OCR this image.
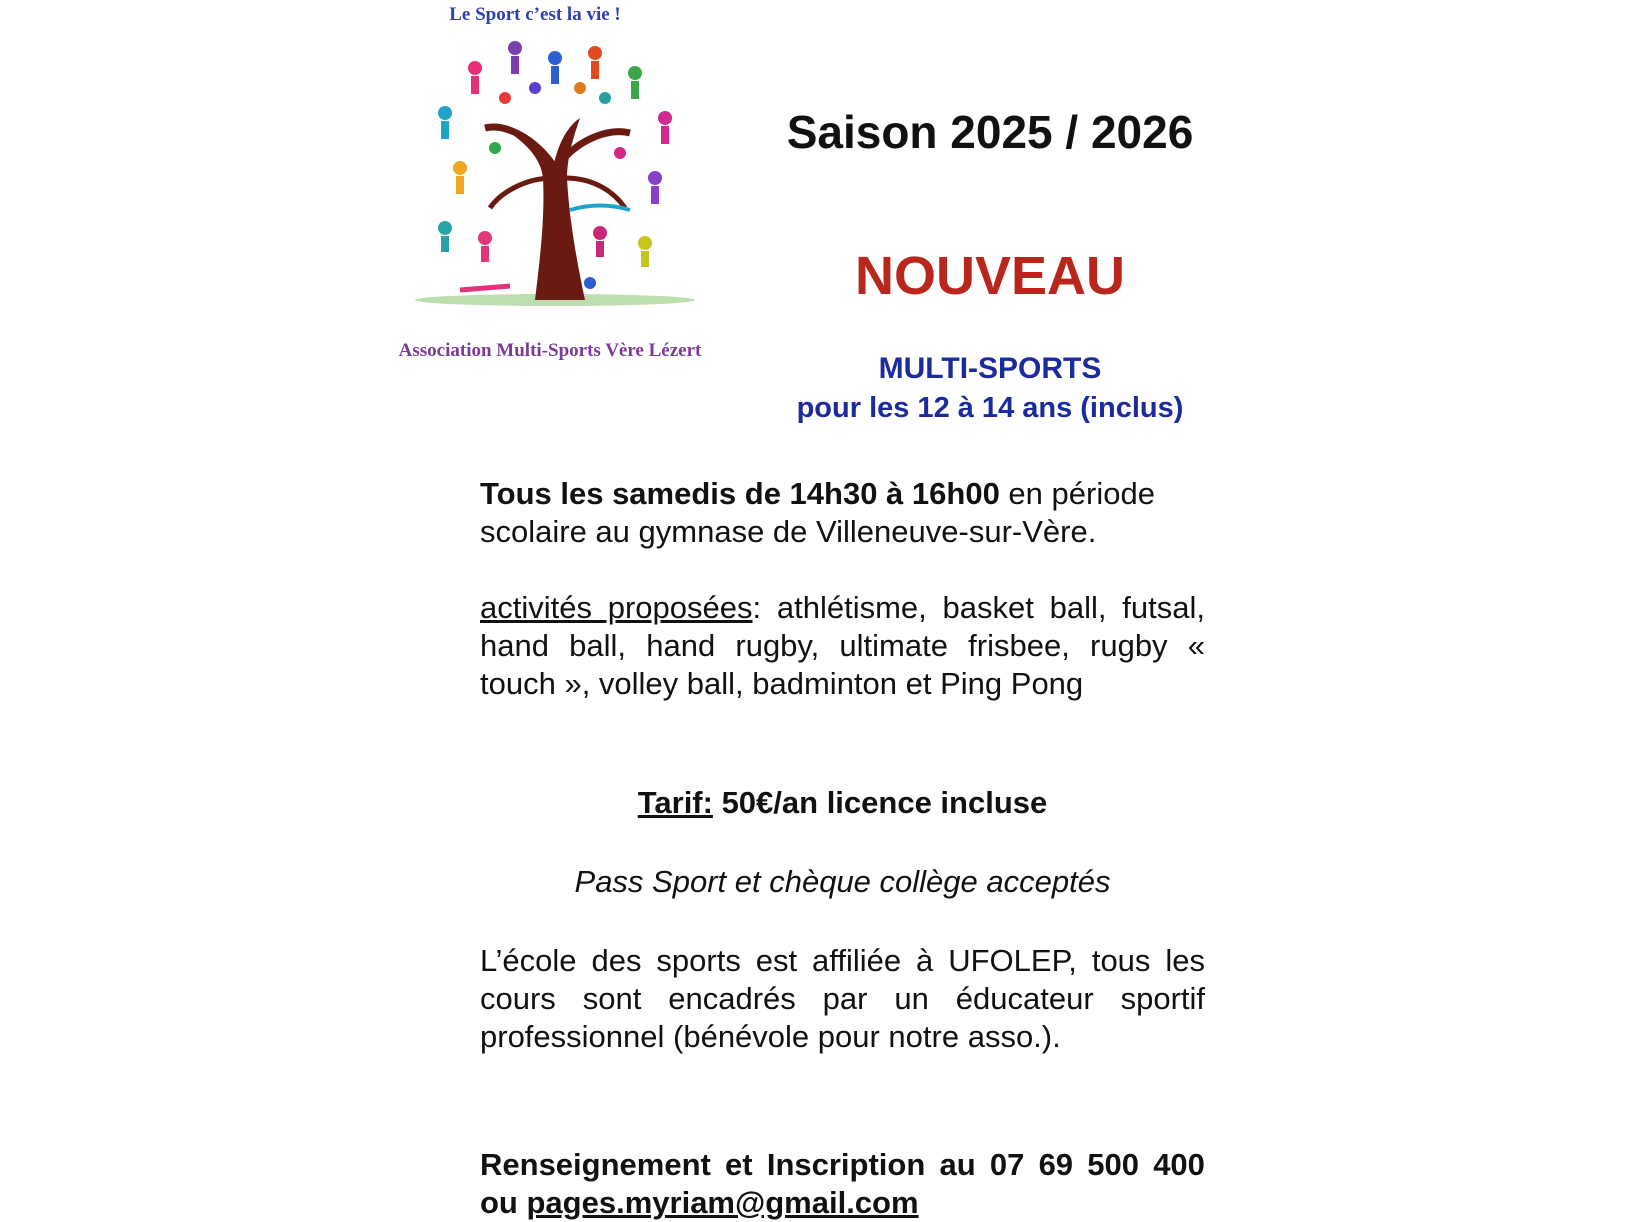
Le Sport c’est la vie !
Association Multi-Sports Vère Lézert
Saison 2025 / 2026
NOUVEAU
MULTI-SPORTS
pour les 12 à 14 ans (inclus)
Tous les samedis de 14h30 à 16h00 en période scolaire au gymnase de Villeneuve-sur-Vère.
activités proposées: athlétisme, basket ball, futsal, hand ball, hand rugby, ultimate frisbee, rugby « touch », volley ball, badminton et Ping Pong
Tarif: 50€/an licence incluse
Pass Sport et chèque collège acceptés
L’école des sports est affiliée à UFOLEP, tous les cours sont encadrés par un éducateur sportif professionnel (bénévole pour notre asso.).
Renseignement et Inscription au 07 69 500 400
ou pages.myriam@gmail.com
